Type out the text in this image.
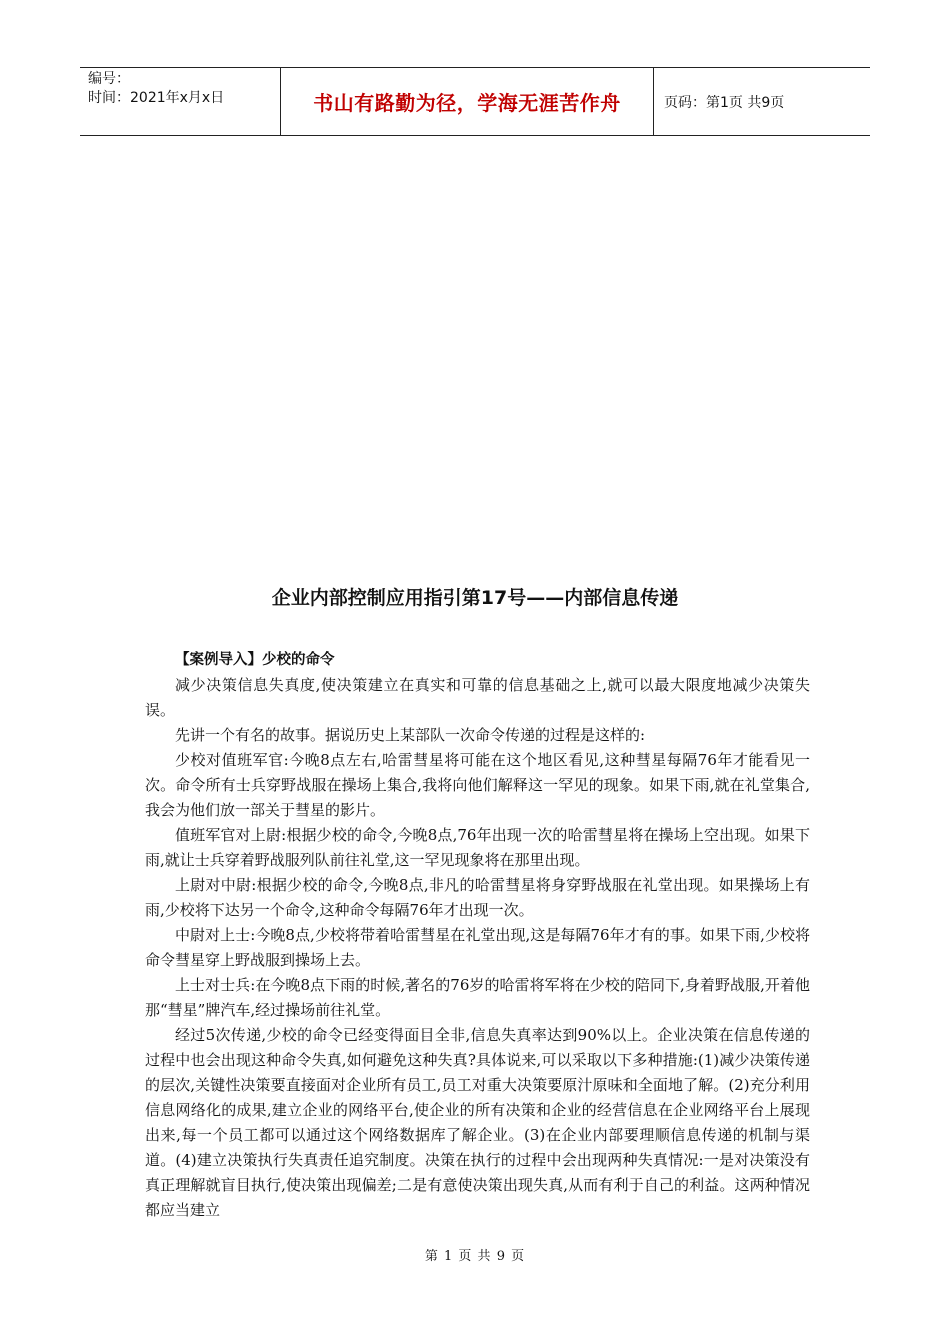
编号：
时间：2021年x月x日	书山有路勤为径，学海无涯苦作舟	页码：第1页 共9页
企业内部控制应用指引第17号——内部信息传递

【案例导入】少校的命令

减少决策信息失真度,使决策建立在真实和可靠的信息基础之上,就可以最大限度地减少决策失误。

先讲一个有名的故事。据说历史上某部队一次命令传递的过程是这样的:

少校对值班军官:今晚8点左右,哈雷彗星将可能在这个地区看见,这种彗星每隔76年才能看见一次。命令所有士兵穿野战服在操场上集合,我将向他们解释这一罕见的现象。如果下雨,就在礼堂集合,我会为他们放一部关于彗星的影片。

值班军官对上尉:根据少校的命令,今晚8点,76年出现一次的哈雷彗星将在操场上空出现。如果下雨,就让士兵穿着野战服列队前往礼堂,这一罕见现象将在那里出现。

上尉对中尉:根据少校的命令,今晚8点,非凡的哈雷彗星将身穿野战服在礼堂出现。如果操场上有雨,少校将下达另一个命令,这种命令每隔76年才出现一次。

中尉对上士:今晚8点,少校将带着哈雷彗星在礼堂出现,这是每隔76年才有的事。如果下雨,少校将命令彗星穿上野战服到操场上去。

上士对士兵:在今晚8点下雨的时候,著名的76岁的哈雷将军将在少校的陪同下,身着野战服,开着他那“彗星”牌汽车,经过操场前往礼堂。

经过5次传递,少校的命令已经变得面目全非,信息失真率达到90%以上。企业决策在信息传递的过程中也会出现这种命令失真,如何避免这种失真?具体说来,可以采取以下多种措施:(1)减少决策传递的层次,关键性决策要直接面对企业所有员工,员工对重大决策要原汁原味和全面地了解。(2)充分利用信息网络化的成果,建立企业的网络平台,使企业的所有决策和企业的经营信息在企业网络平台上展现出来,每一个员工都可以通过这个网络数据库了解企业。(3)在企业内部要理顺信息传递的机制与渠道。(4)建立决策执行失真责任追究制度。决策在执行的过程中会出现两种失真情况:一是对决策没有真正理解就盲目执行,使决策出现偏差;二是有意使决策出现失真,从而有利于自己的利益。这两种情况都应当建立

第 1 页 共 9 页
